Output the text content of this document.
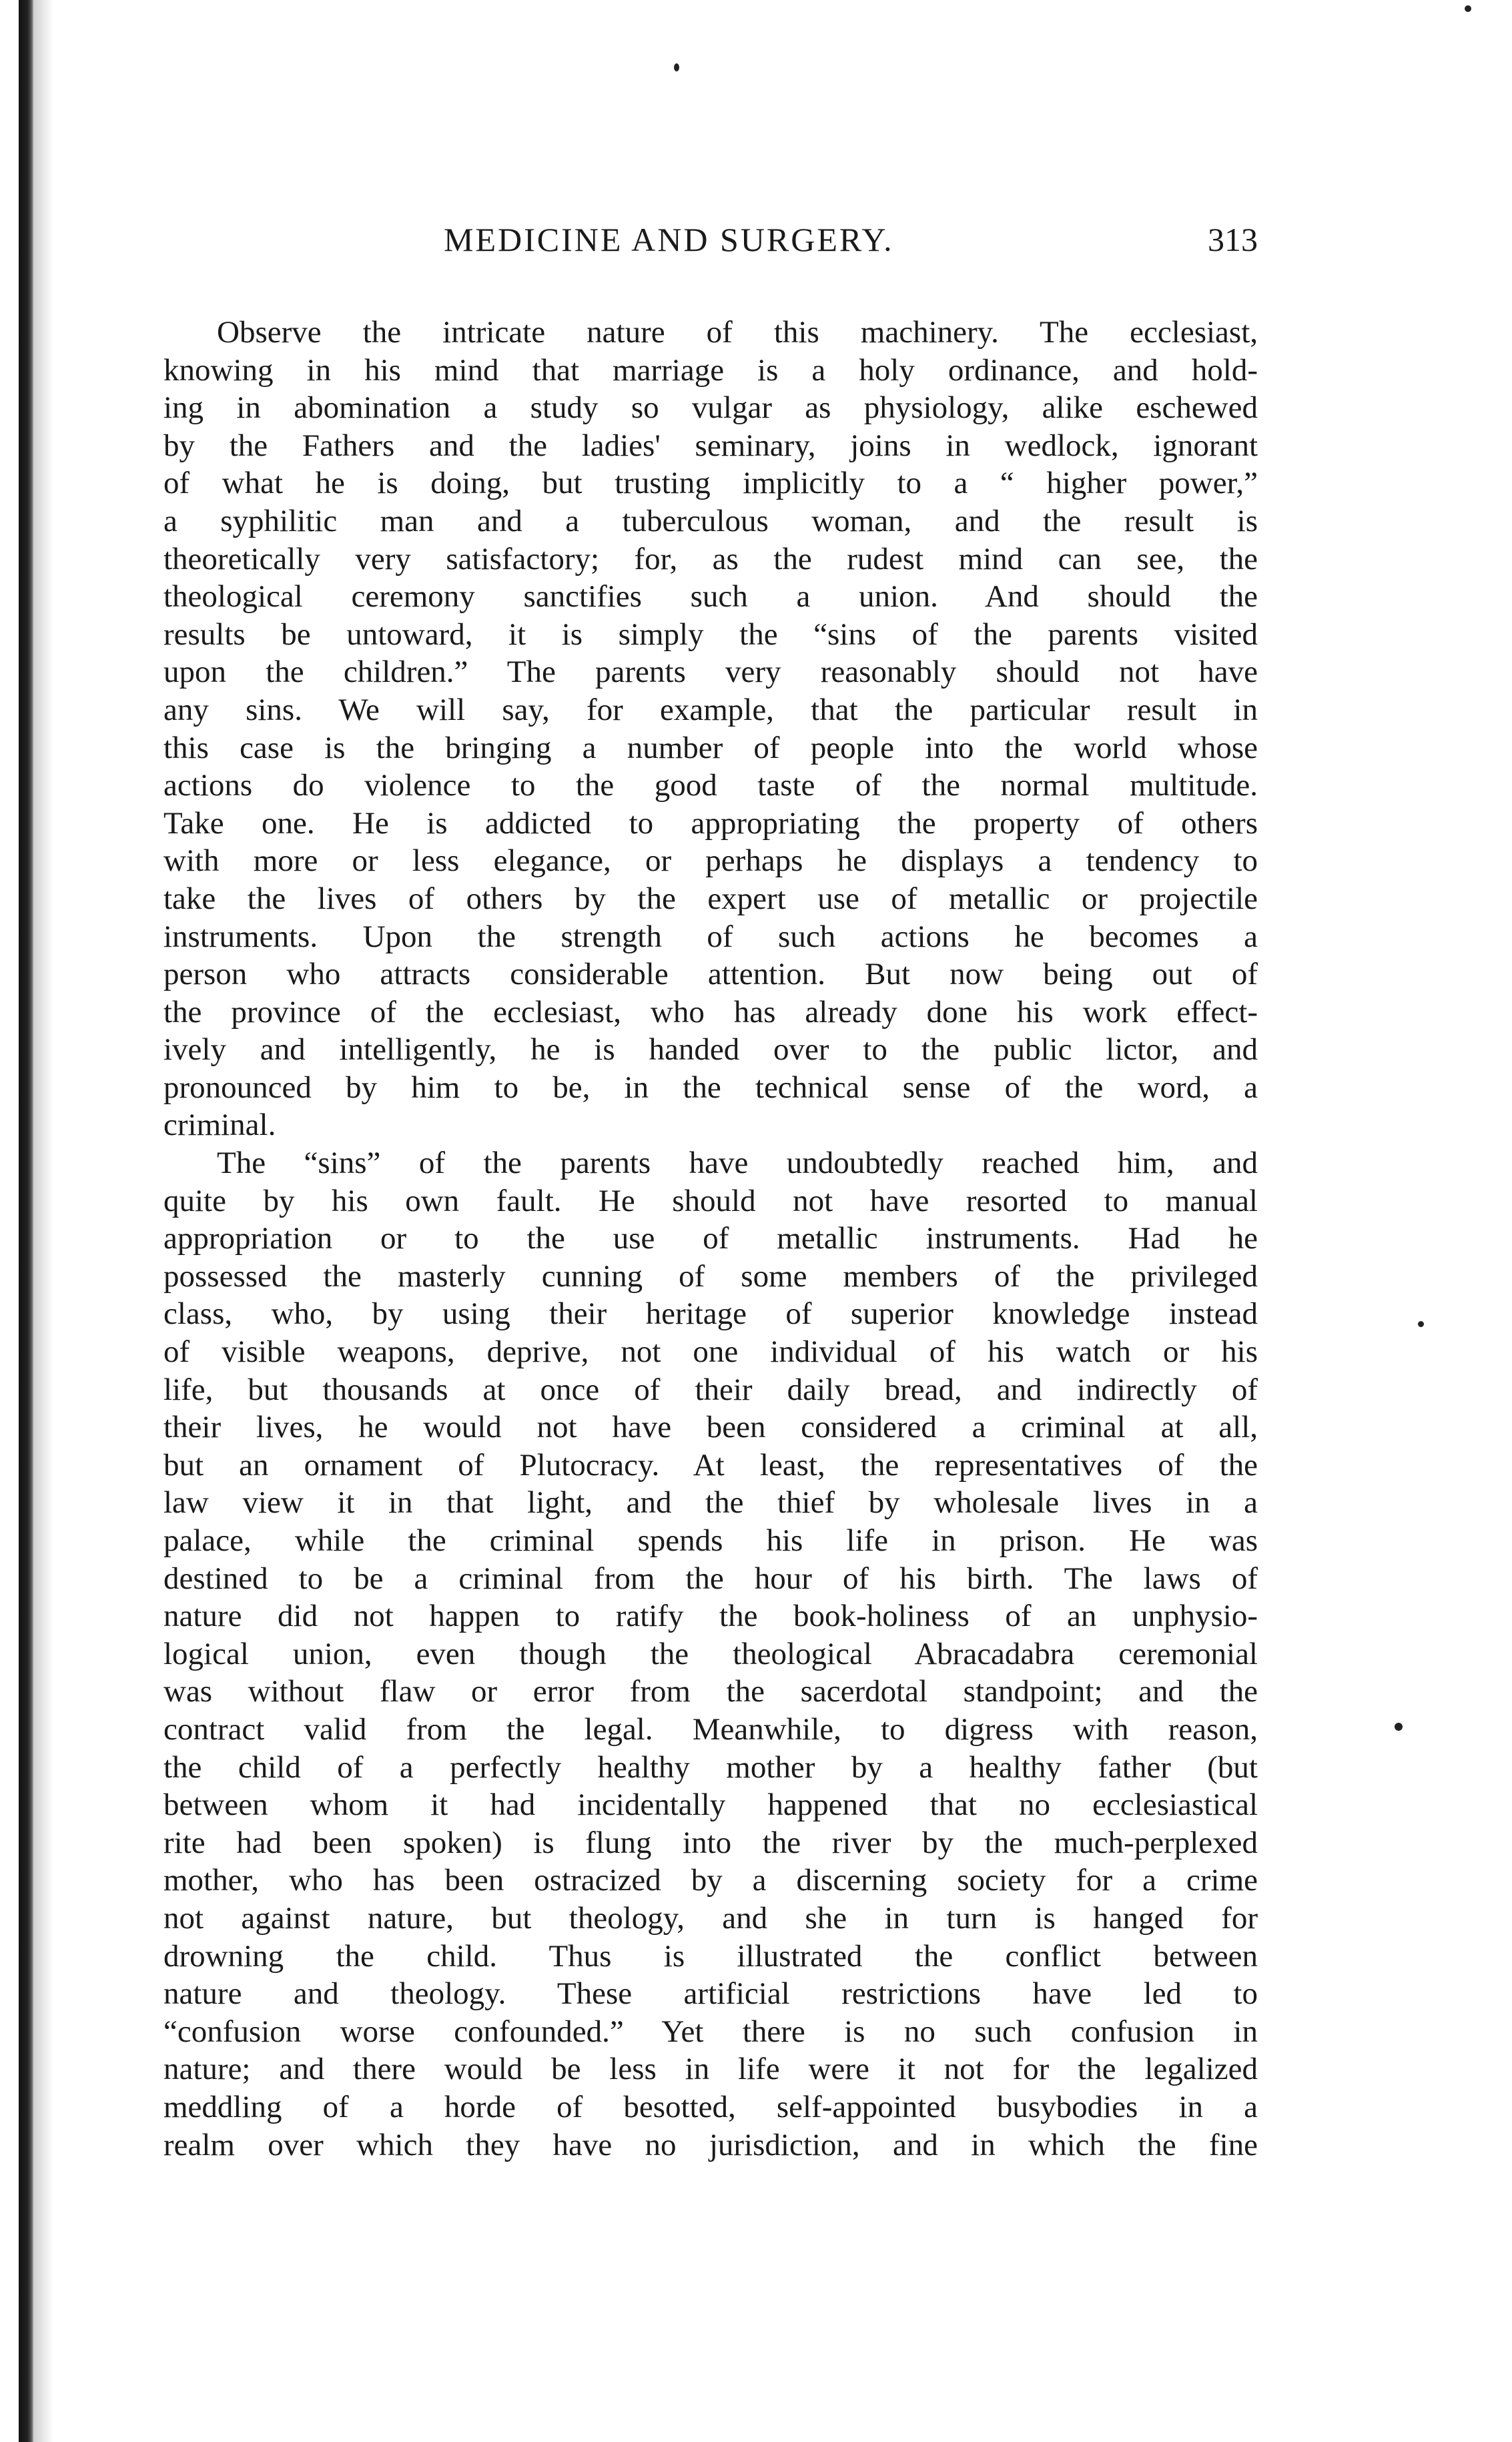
MEDICINE AND SURGERY.	313
Observe the intricate nature of this machinery. The ecclesiast,
knowing in his mind that marriage is a holy ordinance, and hold-
ing in abomination a study so vulgar as physiology, alike eschewed
by the Fathers and the ladies' seminary, joins in wedlock, ignorant
of what he is doing, but trusting implicitly to a “ higher power,”
a syphilitic man and a tuberculous woman, and the result is
theoretically very satisfactory; for, as the rudest mind can see, the
theological ceremony sanctifies such a union. And should the
results be untoward, it is simply the “sins of the parents visited
upon the children.” The parents very reasonably should not have
any sins. We will say, for example, that the particular result in
this case is the bringing a number of people into the world whose
actions do violence to the good taste of the normal multitude.
Take one. He is addicted to appropriating the property of others
with more or less elegance, or perhaps he displays a tendency to
take the lives of others by the expert use of metallic or projectile
instruments. Upon the strength of such actions he becomes a
person who attracts considerable attention. But now being out of
the province of the ecclesiast, who has already done his work effect-
ively and intelligently, he is handed over to the public lictor, and
pronounced by him to be, in the technical sense of the word, a
criminal.
The “sins” of the parents have undoubtedly reached him, and
quite by his own fault. He should not have resorted to manual
appropriation or to the use of metallic instruments. Had he
possessed the masterly cunning of some members of the privileged
class, who, by using their heritage of superior knowledge instead
of visible weapons, deprive, not one individual of his watch or his
life, but thousands at once of their daily bread, and indirectly of
their lives, he would not have been considered a criminal at all,
but an ornament of Plutocracy. At least, the representatives of the
law view it in that light, and the thief by wholesale lives in a
palace, while the criminal spends his life in prison. He was
destined to be a criminal from the hour of his birth. The laws of
nature did not happen to ratify the book-holiness of an unphysio-
logical union, even though the theological Abracadabra ceremonial
was without flaw or error from the sacerdotal standpoint; and the
contract valid from the legal. Meanwhile, to digress with reason,
the child of a perfectly healthy mother by a healthy father (but
between whom it had incidentally happened that no ecclesiastical
rite had been spoken) is flung into the river by the much-perplexed
mother, who has been ostracized by a discerning society for a crime
not against nature, but theology, and she in turn is hanged for
drowning the child. Thus is illustrated the conflict between
nature and theology. These artificial restrictions have led to
“confusion worse confounded.” Yet there is no such confusion in
nature; and there would be less in life were it not for the legalized
meddling of a horde of besotted, self-appointed busybodies in a
realm over which they have no jurisdiction, and in which the fine
